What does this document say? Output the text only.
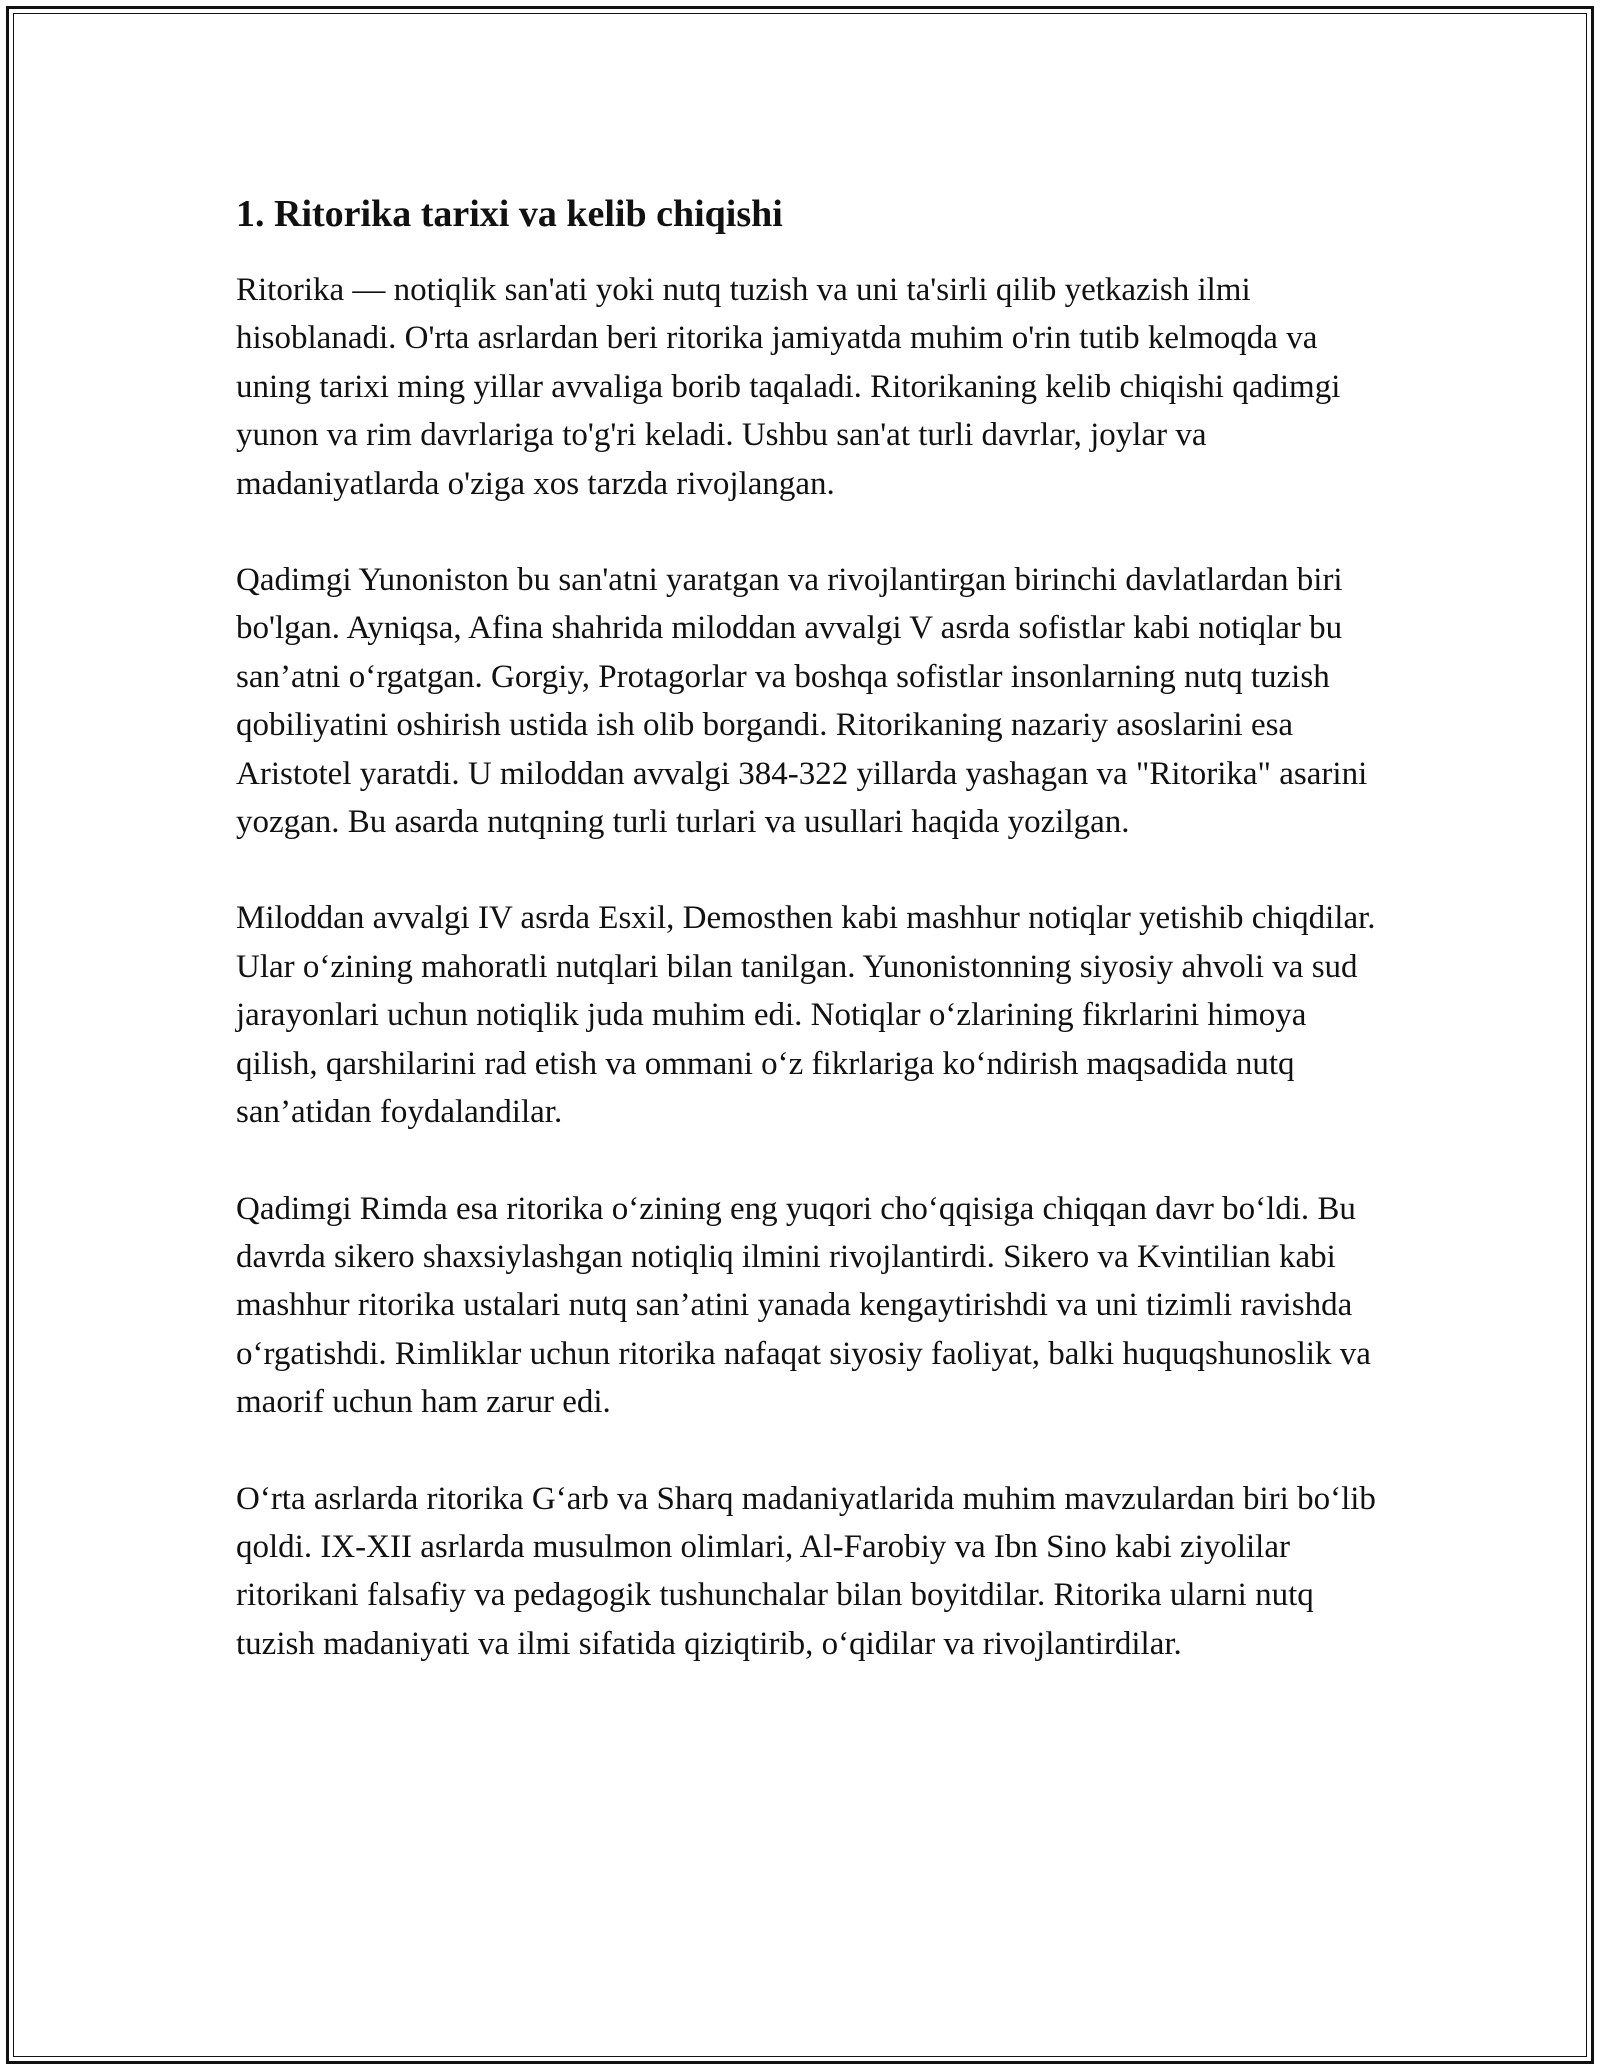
1. Ritorika tarixi va kelib chiqishi

Ritorika — notiqlik san'ati yoki nutq tuzish va uni ta'sirli qilib yetkazish ilmi hisoblanadi. O'rta asrlardan beri ritorika jamiyatda muhim o'rin tutib kelmoqda va uning tarixi ming yillar avvaliga borib taqaladi. Ritorikaning kelib chiqishi qadimgi yunon va rim davrlariga to'g'ri keladi. Ushbu san'at turli davrlar, joylar va madaniyatlarda o'ziga xos tarzda rivojlangan.

Qadimgi Yunoniston bu san'atni yaratgan va rivojlantirgan birinchi davlatlardan biri bo'lgan. Ayniqsa, Afina shahrida miloddan avvalgi V asrda sofistlar kabi notiqlar bu san’atni o‘rgatgan. Gorgiy, Protagorlar va boshqa sofistlar insonlarning nutq tuzish qobiliyatini oshirish ustida ish olib borgandi. Ritorikaning nazariy asoslarini esa Aristotel yaratdi. U miloddan avvalgi 384-322 yillarda yashagan va "Ritorika" asarini yozgan. Bu asarda nutqning turli turlari va usullari haqida yozilgan.

Miloddan avvalgi IV asrda Esxil, Demosthen kabi mashhur notiqlar yetishib chiqdilar. Ular o‘zining mahoratli nutqlari bilan tanilgan. Yunonistonning siyosiy ahvoli va sud jarayonlari uchun notiqlik juda muhim edi. Notiqlar o‘zlarining fikrlarini himoya qilish, qarshilarini rad etish va ommani o‘z fikrlariga ko‘ndirish maqsadida nutq san’atidan foydalandilar.

Qadimgi Rimda esa ritorika o‘zining eng yuqori cho‘qqisiga chiqqan davr bo‘ldi. Bu davrda sikero shaxsiylashgan notiqliq ilmini rivojlantirdi. Sikero va Kvintilian kabi mashhur ritorika ustalari nutq san’atini yanada kengaytirishdi va uni tizimli ravishda o‘rgatishdi. Rimliklar uchun ritorika nafaqat siyosiy faoliyat, balki huquqshunoslik va maorif uchun ham zarur edi.

O‘rta asrlarda ritorika G‘arb va Sharq madaniyatlarida muhim mavzulardan biri bo‘lib qoldi. IX-XII asrlarda musulmon olimlari, Al-Farobiy va Ibn Sino kabi ziyolilar ritorikani falsafiy va pedagogik tushunchalar bilan boyitdilar. Ritorika ularni nutq tuzish madaniyati va ilmi sifatida qiziqtirib, o‘qidilar va rivojlantirdilar.
